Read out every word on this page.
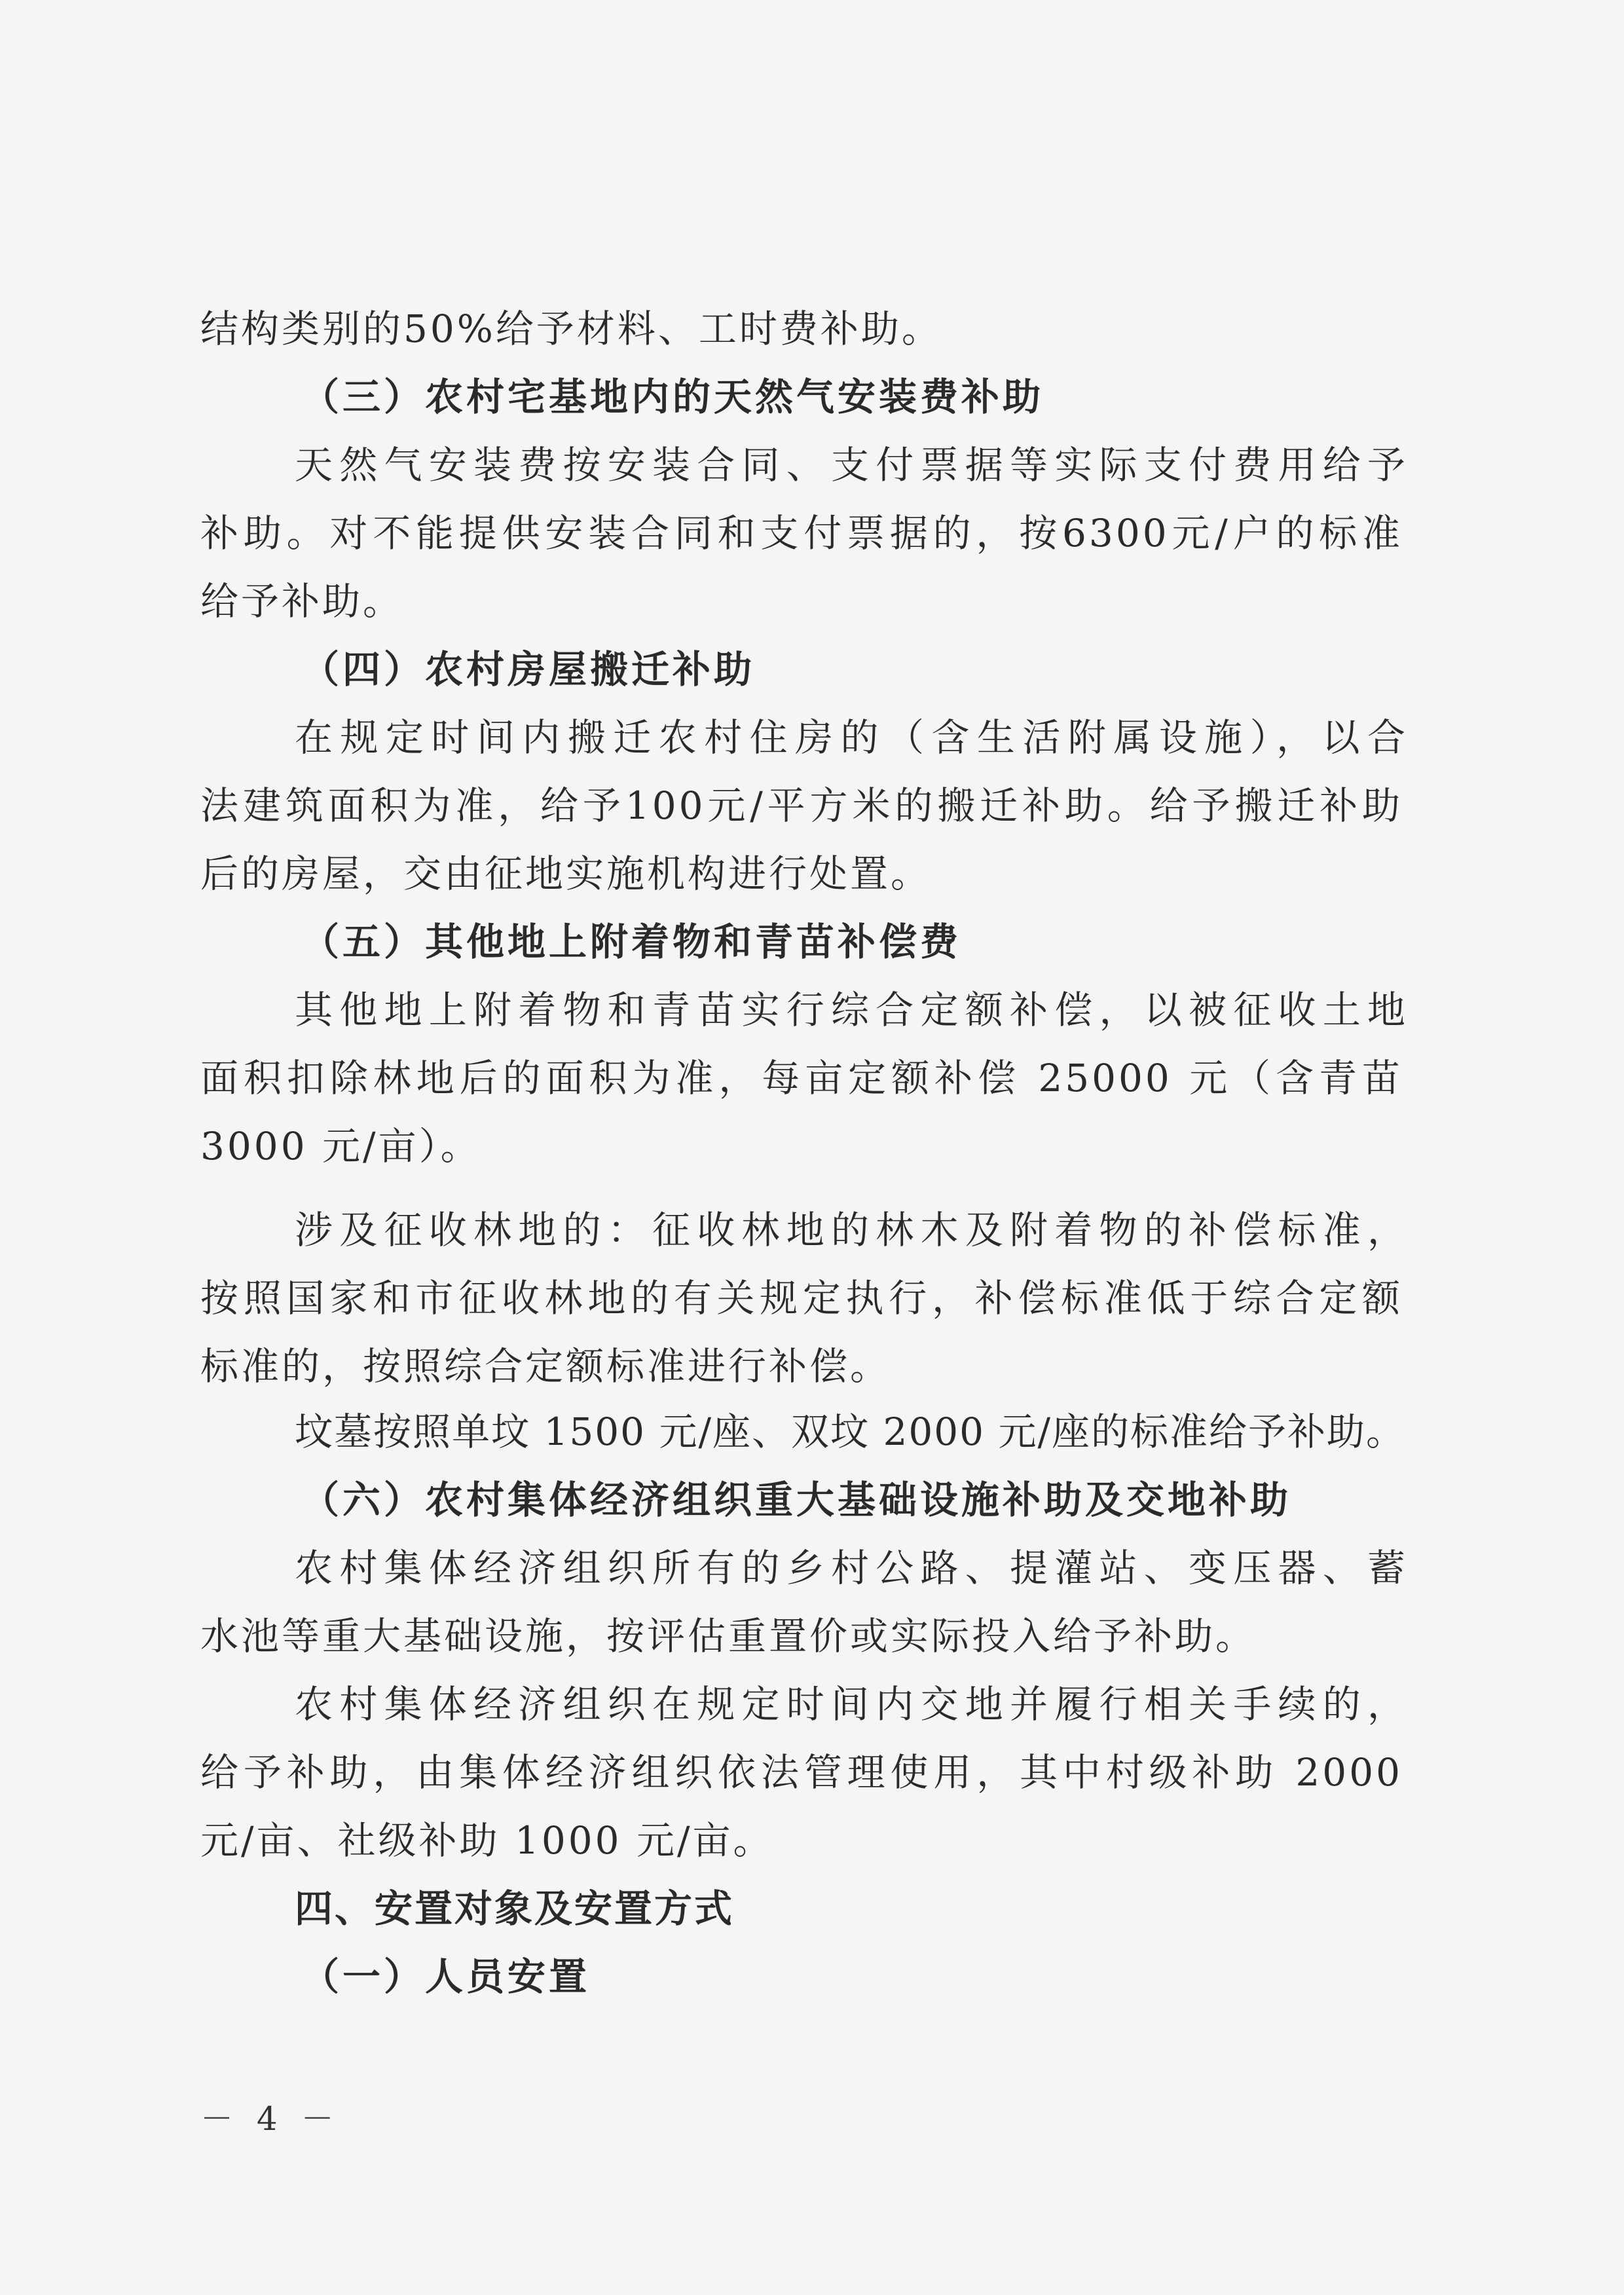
结构类别的50%给予材料、工时费补助。
（三）农村宅基地内的天然气安装费补助
天然气安装费按安装合同、支付票据等实际支付费用给予
补助。对不能提供安装合同和支付票据的，按6300元/户的标准
给予补助。
（四）农村房屋搬迁补助
在规定时间内搬迁农村住房的（含生活附属设施），以合
法建筑面积为准，给予100元/平方米的搬迁补助。给予搬迁补助
后的房屋，交由征地实施机构进行处置。
（五）其他地上附着物和青苗补偿费
其他地上附着物和青苗实行综合定额补偿，以被征收土地
面积扣除林地后的面积为准，每亩定额补偿 25000 元（含青苗
3000 元/亩）。
涉及征收林地的：征收林地的林木及附着物的补偿标准，
按照国家和市征收林地的有关规定执行，补偿标准低于综合定额
标准的，按照综合定额标准进行补偿。
坟墓按照单坟 1500 元/座、双坟 2000 元/座的标准给予补助。
（六）农村集体经济组织重大基础设施补助及交地补助
农村集体经济组织所有的乡村公路、提灌站、变压器、蓄
水池等重大基础设施，按评估重置价或实际投入给予补助。
农村集体经济组织在规定时间内交地并履行相关手续的，
给予补助，由集体经济组织依法管理使用，其中村级补助 2000
元/亩、社级补助 1000 元/亩。
四、安置对象及安置方式
（一）人员安置
－ 4 －
